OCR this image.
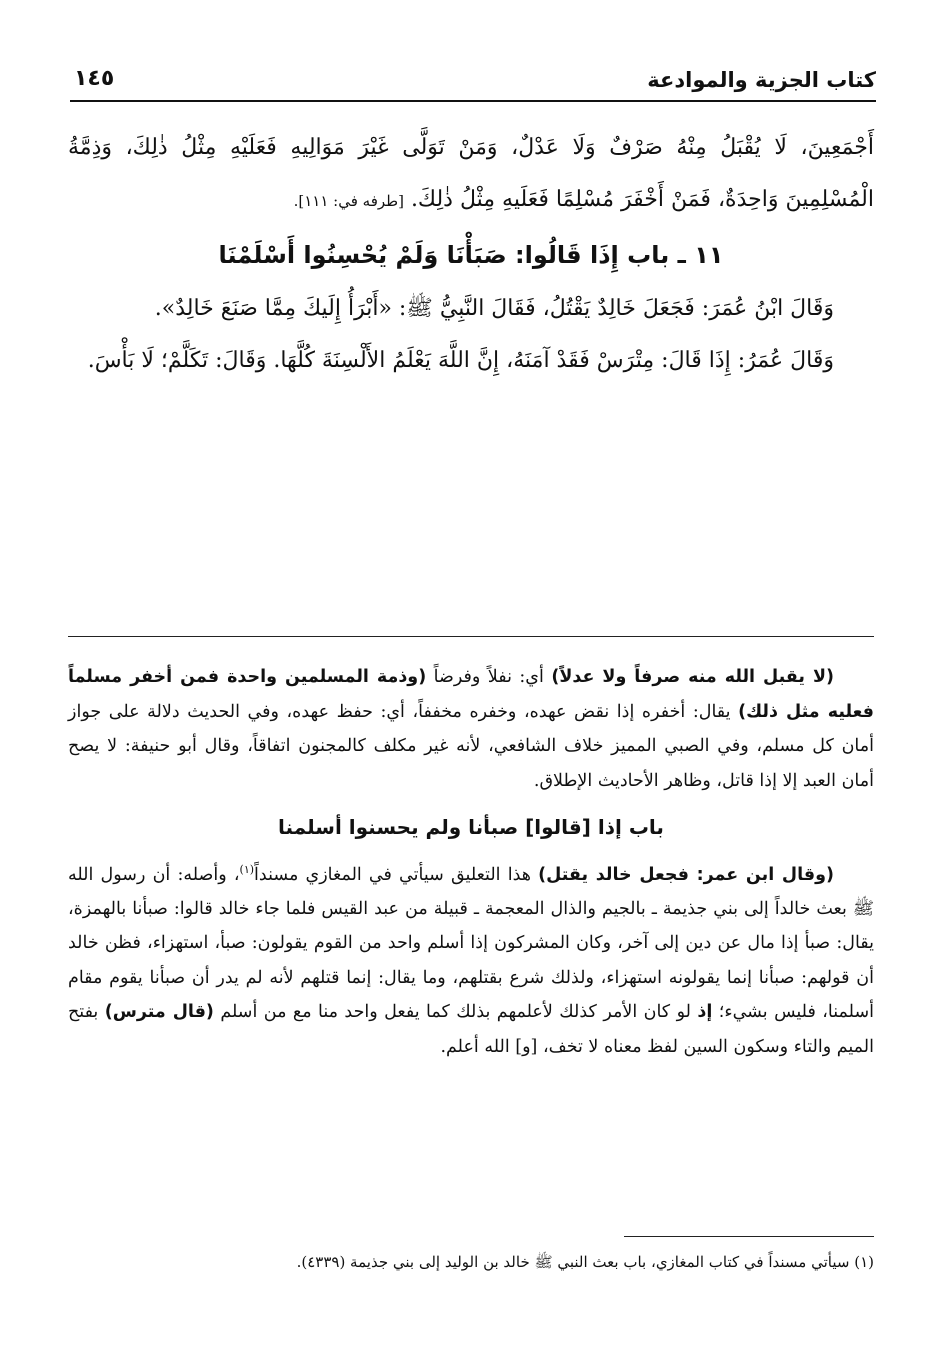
كتاب الجزية والموادعة
١٤٥

أَجْمَعِينَ، لَا يُقْبَلُ مِنْهُ صَرْفٌ وَلَا عَدْلٌ، وَمَنْ تَوَلَّى غَيْرَ مَوَالِيهِ فَعَلَيْهِ مِثْلُ ذٰلِكَ، وَذِمَّةُ الْمُسْلِمِينَ وَاحِدَةٌ، فَمَنْ أَخْفَرَ مُسْلِمًا فَعَلَيهِ مِثْلُ ذٰلِكَ. [طرفه في: ١١١].

١١ ـ باب إِذَا قَالُوا: صَبَأْنَا وَلَمْ يُحْسِنُوا أَسْلَمْنَا

وَقَالَ ابْنُ عُمَرَ: فَجَعَلَ خَالِدٌ يَقْتُلُ، فَقَالَ النَّبِيُّ ﷺ: «أَبْرَأُ إِلَيكَ مِمَّا صَنَعَ خَالِدٌ».

وَقَالَ عُمَرُ: إِذَا قَالَ: مِتْرَسْ فَقَدْ آمَنَهُ، إِنَّ اللَّهَ يَعْلَمُ الأَلْسِنَةَ كُلَّهَا. وَقَالَ: تَكَلَّمْ؛ لَا بَأْسَ.

(لا يقبل الله منه صرفاً ولا عدلاً) أي: نفلاً وفرضاً (وذمة المسلمين واحدة فمن أخفر مسلماً فعليه مثل ذلك) يقال: أخفره إذا نقض عهده، وخفره مخففاً، أي: حفظ عهده، وفي الحديث دلالة على جواز أمان كل مسلم، وفي الصبي المميز خلاف الشافعي، لأنه غير مكلف كالمجنون اتفاقاً، وقال أبو حنيفة: لا يصح أمان العبد إلا إذا قاتل، وظاهر الأحاديث الإطلاق.

باب إذا [قالوا] صبأنا ولم يحسنوا أسلمنا

(وقال ابن عمر: فجعل خالد يقتل) هذا التعليق سيأتي في المغازي مسنداً$^{(١)}$، وأصله: أن رسول الله ﷺ بعث خالداً إلى بني جذيمة ـ بالجيم والذال المعجمة ـ قبيلة من عبد القيس فلما جاء خالد قالوا: صبأنا بالهمزة، يقال: صبأ إذا مال عن دين إلى آخر، وكان المشركون إذا أسلم واحد من القوم يقولون: صبأ، استهزاء، فظن خالد أن قولهم: صبأنا إنما يقولونه استهزاء، ولذلك شرع بقتلهم، وما يقال: إنما قتلهم لأنه لم يدر أن صبأنا يقوم مقام أسلمنا، فليس بشيء؛ إذ لو كان الأمر كذلك لأعلمهم بذلك كما يفعل واحد منا مع من أسلم (قال مترس) بفتح الميم والتاء وسكون السين لفظ معناه لا تخف، [و] الله أعلم.

(١) سيأتي مسنداً في كتاب المغازي، باب بعث النبي ﷺ خالد بن الوليد إلى بني جذيمة (٤٣٣٩).
